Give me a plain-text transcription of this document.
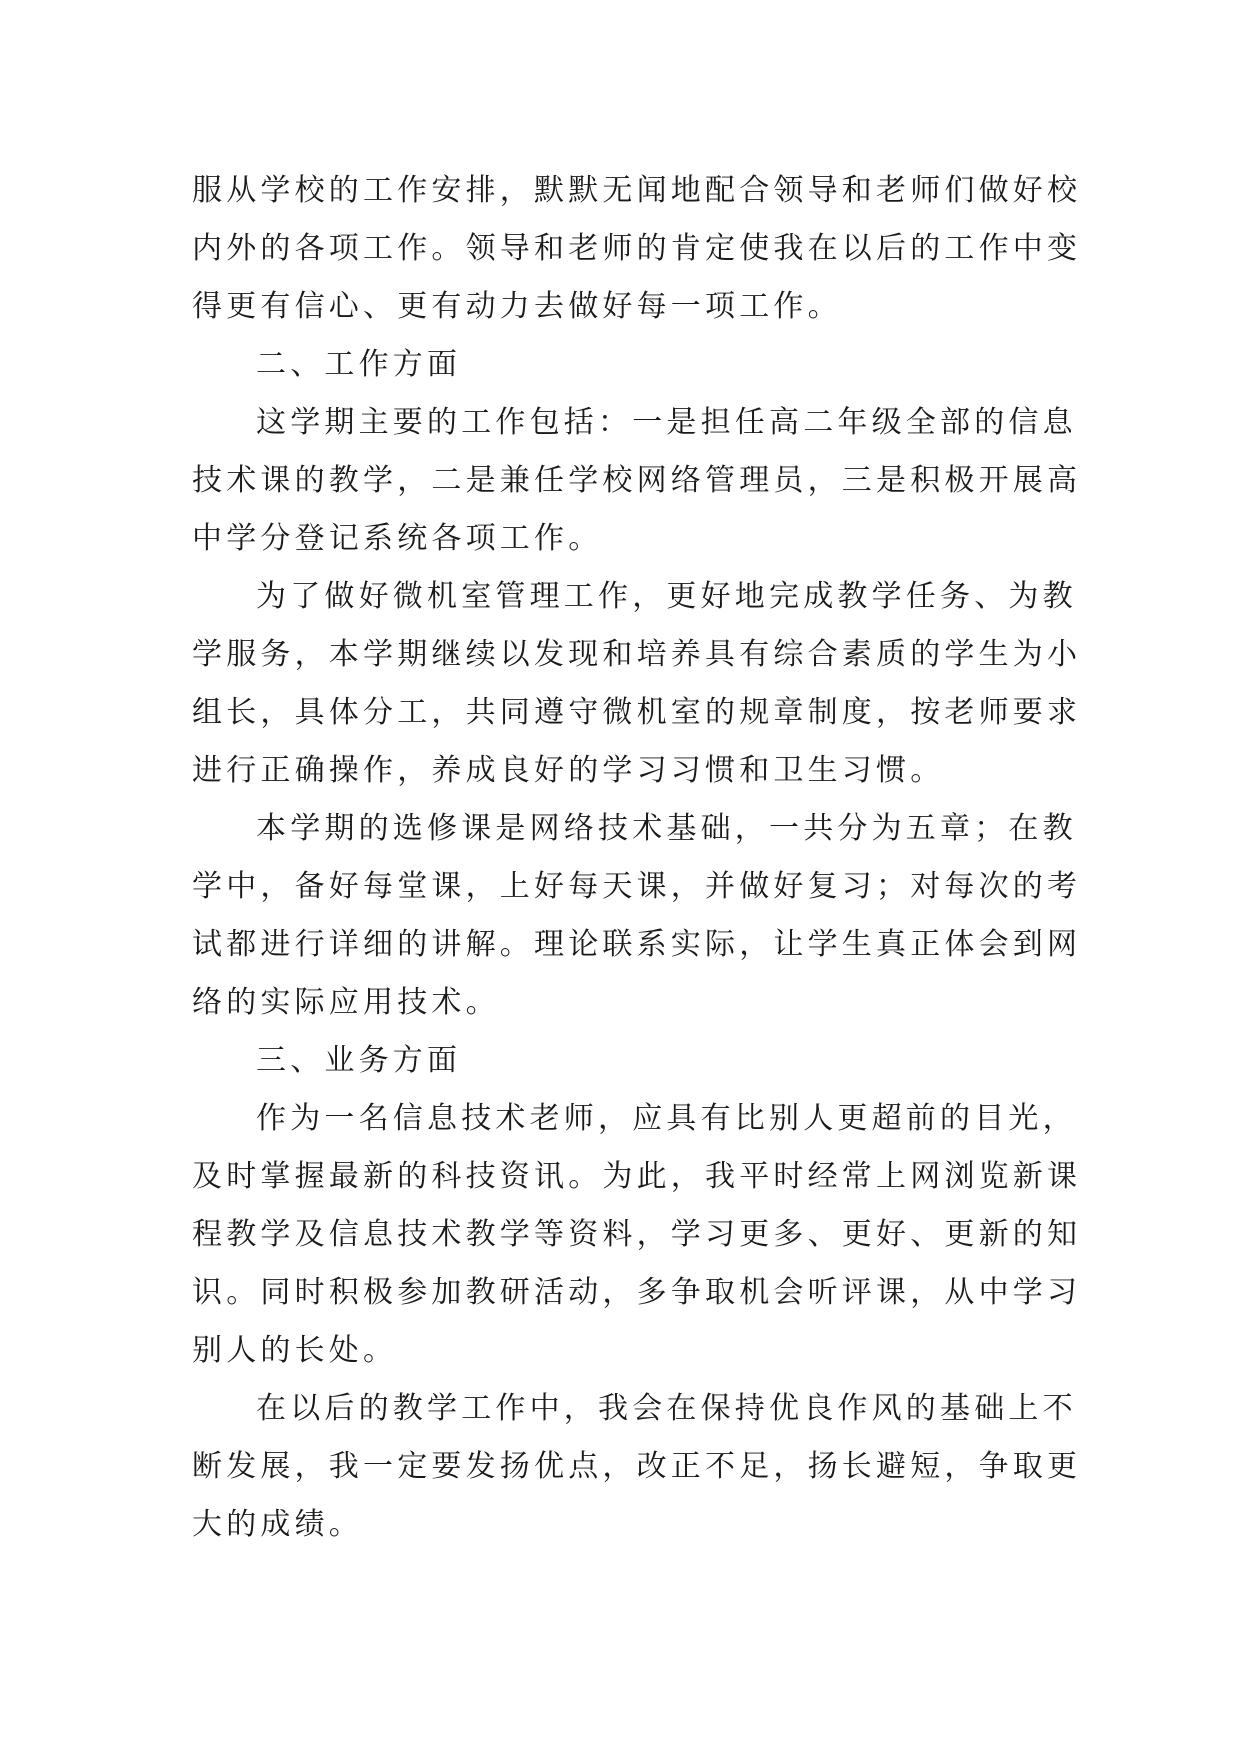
服从学校的工作安排，默默无闻地配合领导和老师们做好校
内外的各项工作。领导和老师的肯定使我在以后的工作中变
得更有信心、更有动力去做好每一项工作。
二、工作方面
这学期主要的工作包括：一是担任高二年级全部的信息
技术课的教学，二是兼任学校网络管理员，三是积极开展高
中学分登记系统各项工作。
为了做好微机室管理工作，更好地完成教学任务、为教
学服务，本学期继续以发现和培养具有综合素质的学生为小
组长，具体分工，共同遵守微机室的规章制度，按老师要求
进行正确操作，养成良好的学习习惯和卫生习惯。
本学期的选修课是网络技术基础，一共分为五章；在教
学中，备好每堂课，上好每天课，并做好复习；对每次的考
试都进行详细的讲解。理论联系实际，让学生真正体会到网
络的实际应用技术。
三、业务方面
作为一名信息技术老师，应具有比别人更超前的目光，
及时掌握最新的科技资讯。为此，我平时经常上网浏览新课
程教学及信息技术教学等资料，学习更多、更好、更新的知
识。同时积极参加教研活动，多争取机会听评课，从中学习
别人的长处。
在以后的教学工作中，我会在保持优良作风的基础上不
断发展，我一定要发扬优点，改正不足，扬长避短，争取更
大的成绩。
